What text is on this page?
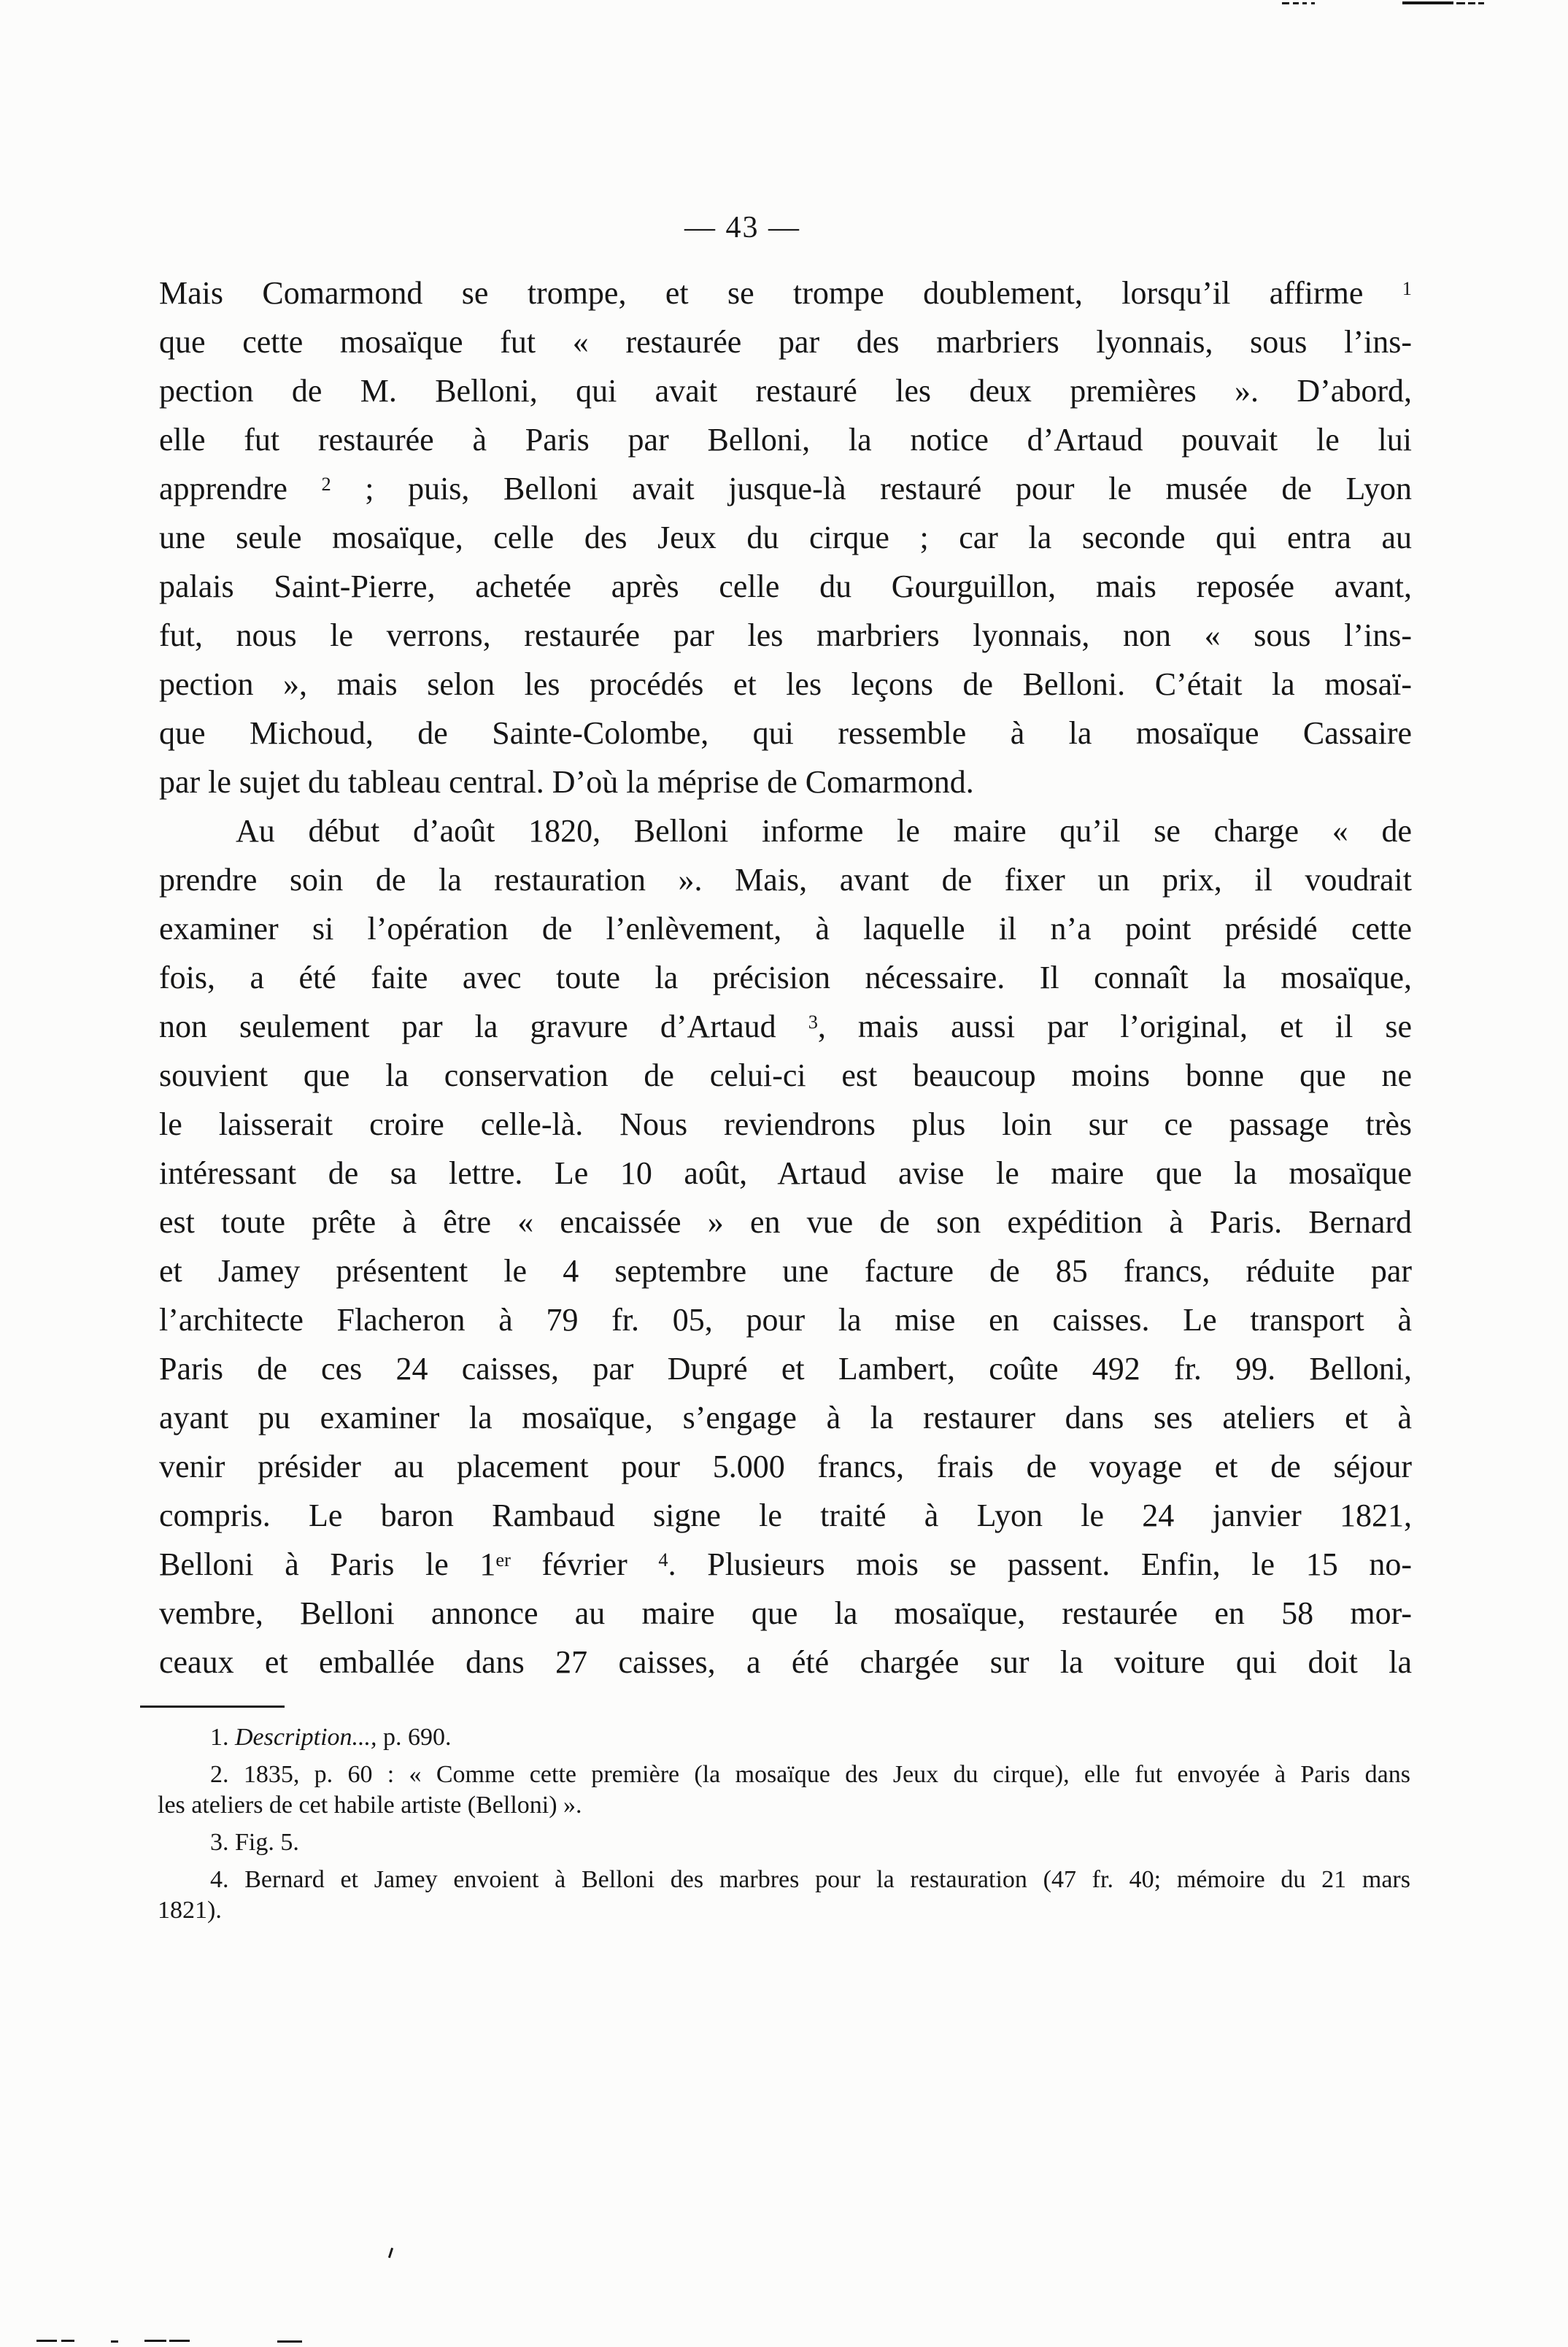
— 43 —
Mais Comarmond se trompe, et se trompe doublement, lorsqu’il affirme $^1$
que cette mosaïque fut « restaurée par des marbriers lyonnais, sous l’ins-
pection de M. Belloni, qui avait restauré les deux premières ». D’abord,
elle fut restaurée à Paris par Belloni, la notice d’Artaud pouvait le lui
apprendre $^2$ ; puis, Belloni avait jusque-là restauré pour le musée de Lyon
une seule mosaïque, celle des Jeux du cirque ; car la seconde qui entra au
palais Saint-Pierre, achetée après celle du Gourguillon, mais reposée avant,
fut, nous le verrons, restaurée par les marbriers lyonnais, non « sous l’ins-
pection », mais selon les procédés et les leçons de Belloni. C’était la mosaï-
que Michoud, de Sainte-Colombe, qui ressemble à la mosaïque Cassaire
par le sujet du tableau central. D’où la méprise de Comarmond.
Au début d’août 1820, Belloni informe le maire qu’il se charge « de
prendre soin de la restauration ». Mais, avant de fixer un prix, il voudrait
examiner si l’opération de l’enlèvement, à laquelle il n’a point présidé cette
fois, a été faite avec toute la précision nécessaire. Il connaît la mosaïque,
non seulement par la gravure d’Artaud $^3$, mais aussi par l’original, et il se
souvient que la conservation de celui-ci est beaucoup moins bonne que ne
le laisserait croire celle-là. Nous reviendrons plus loin sur ce passage très
intéressant de sa lettre. Le 10 août, Artaud avise le maire que la mosaïque
est toute prête à être « encaissée » en vue de son expédition à Paris. Bernard
et Jamey présentent le 4 septembre une facture de 85 francs, réduite par
l’architecte Flacheron à 79 fr. 05, pour la mise en caisses. Le transport à
Paris de ces 24 caisses, par Dupré et Lambert, coûte 492 fr. 99. Belloni,
ayant pu examiner la mosaïque, s’engage à la restaurer dans ses ateliers et à
venir présider au placement pour 5.000 francs, frais de voyage et de séjour
compris. Le baron Rambaud signe le traité à Lyon le 24 janvier 1821,
Belloni à Paris le 1er février $^4$. Plusieurs mois se passent. Enfin, le 15 no-
vembre, Belloni annonce au maire que la mosaïque, restaurée en 58 mor-
ceaux et emballée dans 27 caisses, a été chargée sur la voiture qui doit la
1. Description..., p. 690.
2. 1835, p. 60 : « Comme cette première (la mosaïque des Jeux du cirque), elle fut envoyée à Paris dans
les ateliers de cet habile artiste (Belloni) ».
3. Fig. 5.
4. Bernard et Jamey envoient à Belloni des marbres pour la restauration (47 fr. 40; mémoire du 21 mars
1821).
